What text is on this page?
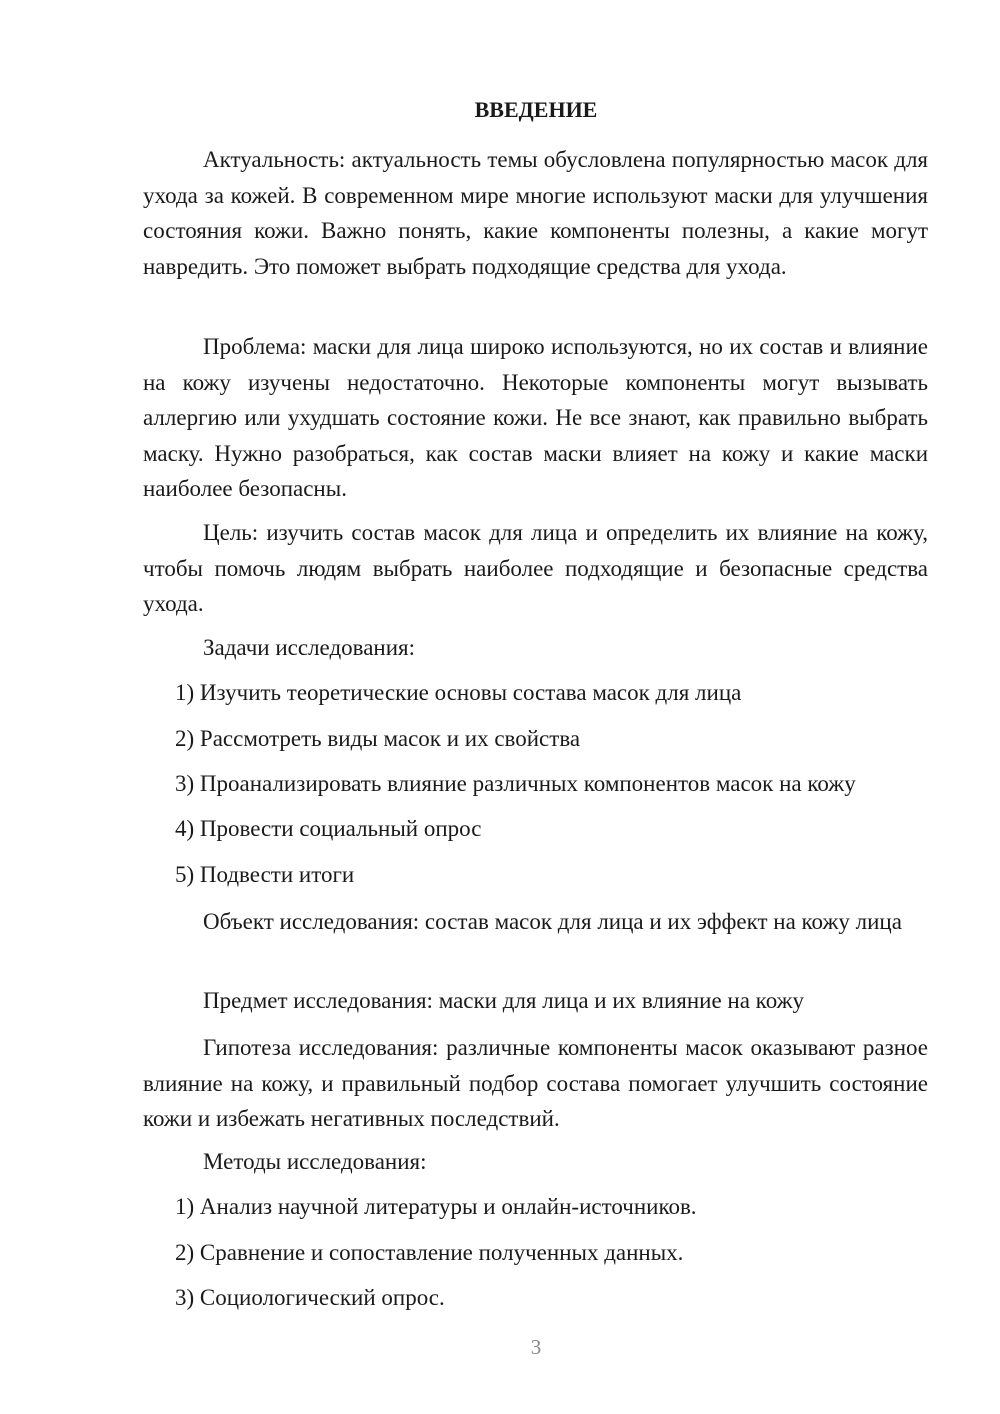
ВВЕДЕНИЕ

Актуальность: актуальность темы обусловлена популярностью масок для ухода за кожей. В современном мире многие используют маски для улучшения состояния кожи. Важно понять, какие компоненты полезны, а какие могут навредить. Это поможет выбрать подходящие средства для ухода.

Проблема: маски для лица широко используются, но их состав и влияние на кожу изучены недостаточно. Некоторые компоненты могут вызывать аллергию или ухудшать состояние кожи. Не все знают, как правильно выбрать маску. Нужно разобраться, как состав маски влияет на кожу и какие маски наиболее безопасны.

Цель: изучить состав масок для лица и определить их влияние на кожу, чтобы помочь людям выбрать наиболее подходящие и безопасные средства ухода.

Задачи исследования:

1) Изучить теоретические основы состава масок для лица

2) Рассмотреть виды масок и их свойства

3) Проанализировать влияние различных компонентов масок на кожу

4) Провести социальный опрос

5) Подвести итоги

Объект исследования: состав масок для лица и их эффект на кожу лица

Предмет исследования: маски для лица и их влияние на кожу

Гипотеза исследования: различные компоненты масок оказывают разное влияние на кожу, и правильный подбор состава помогает улучшить состояние кожи и избежать негативных последствий.

Методы исследования:

1) Анализ научной литературы и онлайн-источников.

2) Сравнение и сопоставление полученных данных.

3) Социологический опрос.

3
